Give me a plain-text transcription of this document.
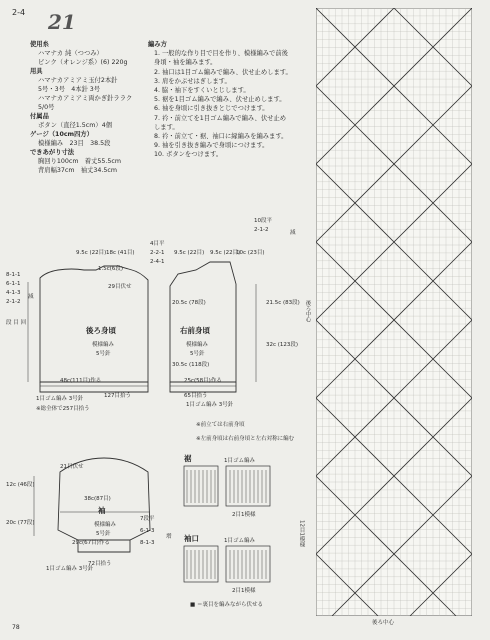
2-4 21
使用糸
ハマナカ 純（つつみ）
ビンク（オレンジ系）(6) 220g
用具
ハマナカアミアミ玉付2本針
5号・3号　4本針 3号
ハマナカアミアミ両かぎ針ララク
5/0号
付属品
ボタン（直径1.5cm）4個
ゲージ（10cm四方）
模様編み　23目　38.5段
できあがり寸法
胸回り100cm　着丈55.5cm
背肩幅37cm　袖丈34.5cm
編み方
1. 一般的な作り目で目を作り、模様編みで前後
身頃・袖を編みます。
2. 袖口は1目ゴム編みで編み、伏せ止めします。
3. 肩をかぶせはぎします。
4. 脇・袖下をすくいとじします。
5. 裾を1目ゴム編みで編み、伏せ止めします。
6. 袖を身頃に引き抜きとじでつけます。
7. 衿・前立てを1目ゴム編みで編み、伏せ止め
します。
8. 衿・前立て・裾、袖口に縁編みを編みます。
9. 袖を引き抜き編みで身頃につけます。
10. ボタンをつけます。
9.5c (22目) 18c (41目)	9.5c (22目)
1.5c(6段)
29目伏せ
4目平
2-2-1
2-4-1
8-1-1
6-1-1
4-1-3
2-1-2
段 目 回
減
後ろ身頃
模様編み
5号針
右前身頃
模様編み
5号針
48c(111目)作る
1目ゴム編み 3号針	127目拾う
※総全体で257目拾う
10c (23目)
9.5c (22目)
10段平
2-1-2	減
21.5c (83段)
32c (123段)
20.5c (78段)
30.5c (118段)
25c(58目)作る
65目拾う
1目ゴム編み 3号針
※左前身頃は右前身頃と左右対称に編む
※前立ては右前身頃
21目伏せ
38c(87目)
12c (46段)
20c (77段)
袖
模様編み
5号針
29c(67目)作る
72目拾う
1目ゴム編み 3号針
7段平
6-1-3
8-1-3
増
裾	1目ゴム編み
2目1模様
袖口	1目ゴム編み
2目1模様
■ ＝裏目を編みながら伏せる
後ろ中心
12目1模様
後ろ中心
78
